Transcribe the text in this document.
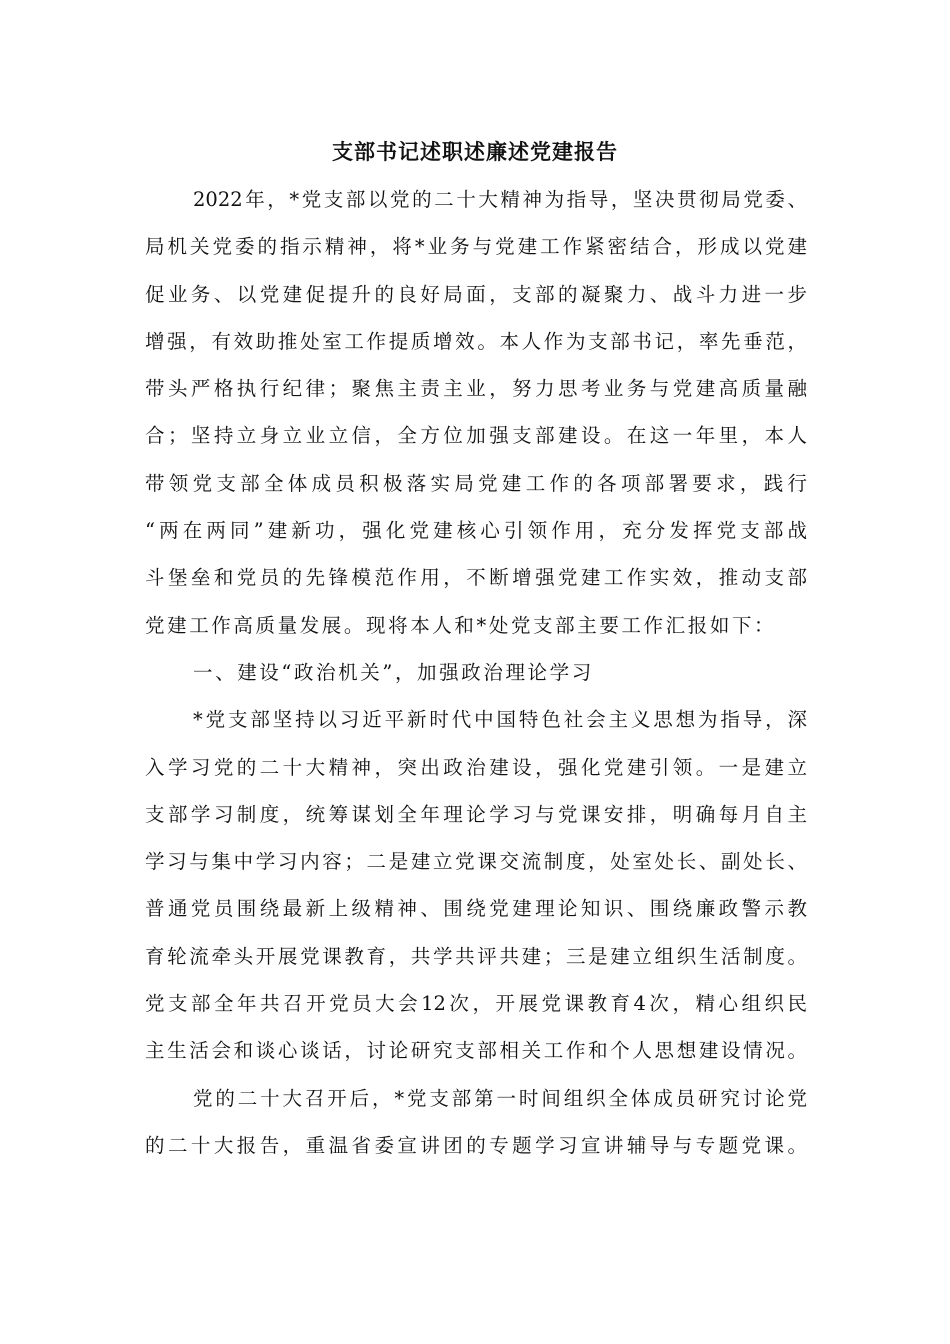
支部书记述职述廉述党建报告
2022年，*党支部以党的二十大精神为指导，坚决贯彻局党委、
局机关党委的指示精神，将*业务与党建工作紧密结合，形成以党建
促业务、以党建促提升的良好局面，支部的凝聚力、战斗力进一步
增强，有效助推处室工作提质增效。本人作为支部书记，率先垂范，
带头严格执行纪律；聚焦主责主业，努力思考业务与党建高质量融
合；坚持立身立业立信，全方位加强支部建设。在这一年里，本人
带领党支部全体成员积极落实局党建工作的各项部署要求，践行
“两在两同”建新功，强化党建核心引领作用，充分发挥党支部战
斗堡垒和党员的先锋模范作用，不断增强党建工作实效，推动支部
党建工作高质量发展。现将本人和*处党支部主要工作汇报如下：
一、建设“政治机关”，加强政治理论学习
*党支部坚持以习近平新时代中国特色社会主义思想为指导，深
入学习党的二十大精神，突出政治建设，强化党建引领。一是建立
支部学习制度，统筹谋划全年理论学习与党课安排，明确每月自主
学习与集中学习内容；二是建立党课交流制度，处室处长、副处长、
普通党员围绕最新上级精神、围绕党建理论知识、围绕廉政警示教
育轮流牵头开展党课教育，共学共评共建；三是建立组织生活制度。
党支部全年共召开党员大会12次，开展党课教育4次，精心组织民
主生活会和谈心谈话，讨论研究支部相关工作和个人思想建设情况。
党的二十大召开后，*党支部第一时间组织全体成员研究讨论党
的二十大报告，重温省委宣讲团的专题学习宣讲辅导与专题党课。
